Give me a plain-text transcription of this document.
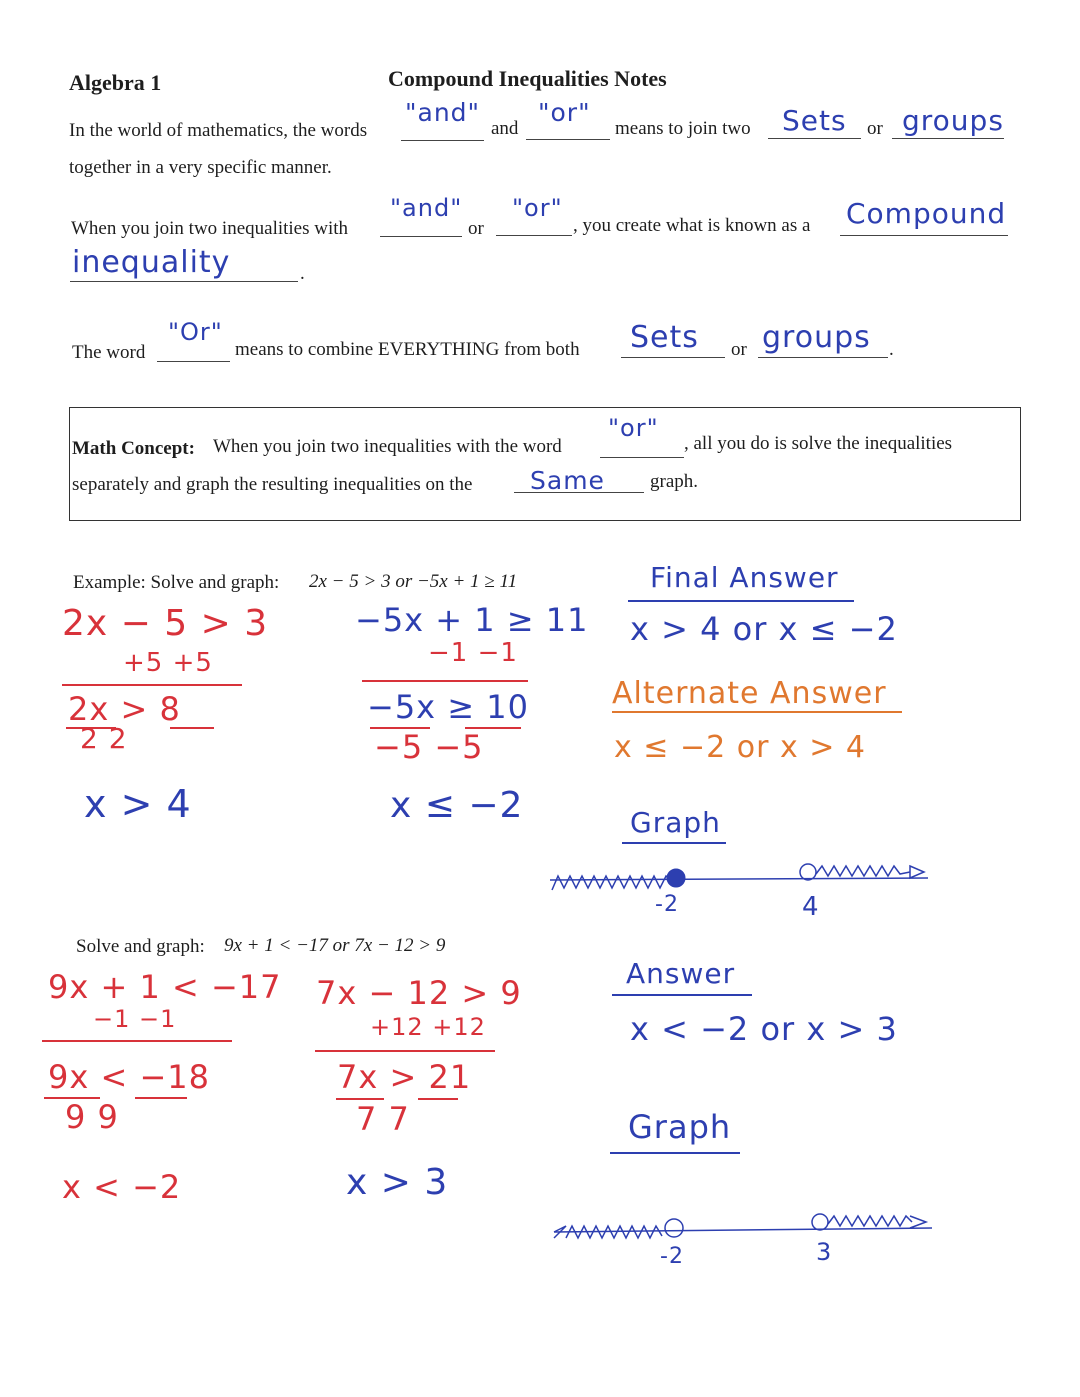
Algebra 1	Compound Inequalities Notes
In the world of mathematics, the words
"and"
and
"or"
means to join two Sets or groups
together in a very specific manner.
When you join two inequalities with
"and"
or
"or"
, you create what is known as a Compound
inequality	.
The word
"Or"
means to combine EVERYTHING from both Sets or groups .
Math Concept: When you join two inequalities with the word
"or"
, all you do is solve the inequalities
separately and graph the resulting inequalities on the Same graph.
Example: Solve and graph: 2x − 5 > 3 or −5x + 1 ≥ 11
2x − 5 > 3
+5 +5
2x > 8
2 2
x > 4
−5x + 1 ≥ 11
−1 −1
−5x ≥ 10
−5 −5
x ≤ −2
Final Answer
x > 4 or x ≤ −2
Alternate Answer
x ≤ −2 or x > 4
Graph
-2	4
Solve and graph: 9x + 1 < −17 or 7x − 12 > 9
9x + 1 < −17
−1 −1
9x < −18
9 9
x < −2
7x − 12 > 9
+12 +12
7x > 21
7 7
x > 3
Answer
x < −2 or x > 3
Graph
-2	3
